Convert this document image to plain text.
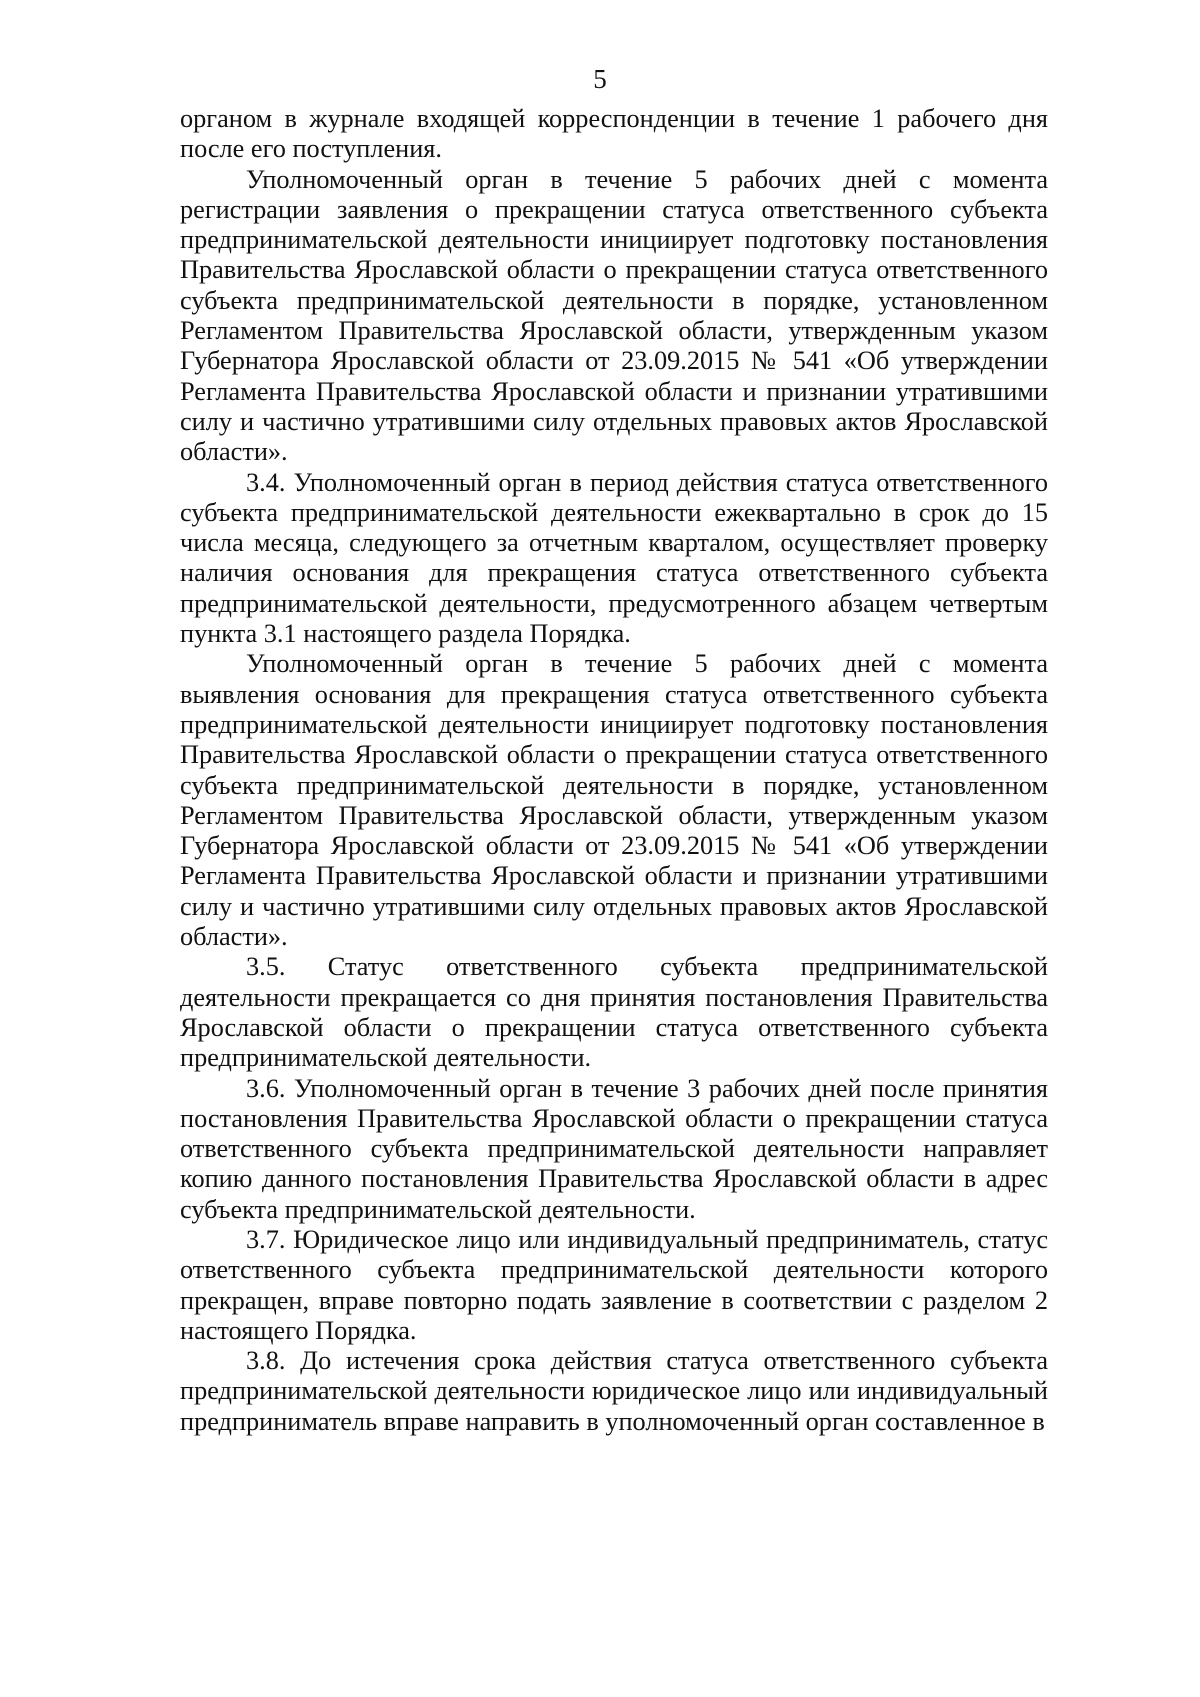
5

органом в журнале входящей корреспонденции в течение 1 рабочего дня после его поступления.

Уполномоченный орган в течение 5 рабочих дней с момента регистрации заявления о прекращении статуса ответственного субъекта предпринимательской деятельности инициирует подготовку постановления Правительства Ярославской области о прекращении статуса ответственного субъекта предпринимательской деятельности в порядке, установленном Регламентом Правительства Ярославской области, утвержденным указом Губернатора Ярославской области от 23.09.2015 № 541 «Об утверждении Регламента Правительства Ярославской области и признании утратившими силу и частично утратившими силу отдельных правовых актов Ярославской области».

3.4. Уполномоченный орган в период действия статуса ответственного субъекта предпринимательской деятельности ежеквартально в срок до 15 числа месяца, следующего за отчетным кварталом, осуществляет проверку наличия основания для прекращения статуса ответственного субъекта предпринимательской деятельности, предусмотренного абзацем четвертым пункта 3.1 настоящего раздела Порядка.

Уполномоченный орган в течение 5 рабочих дней с момента выявления основания для прекращения статуса ответственного субъекта предпринимательской деятельности инициирует подготовку постановления Правительства Ярославской области о прекращении статуса ответственного субъекта предпринимательской деятельности в порядке, установленном Регламентом Правительства Ярославской области, утвержденным указом Губернатора Ярославской области от 23.09.2015 № 541 «Об утверждении Регламента Правительства Ярославской области и признании утратившими силу и частично утратившими силу отдельных правовых актов Ярославской области».

3.5. Статус ответственного субъекта предпринимательской деятельности прекращается со дня принятия постановления Правительства Ярославской области о прекращении статуса ответственного субъекта предпринимательской деятельности.

3.6. Уполномоченный орган в течение 3 рабочих дней после принятия постановления Правительства Ярославской области о прекращении статуса ответственного субъекта предпринимательской деятельности направляет копию данного постановления Правительства Ярославской области в адрес субъекта предпринимательской деятельности.

3.7. Юридическое лицо или индивидуальный предприниматель, статус ответственного субъекта предпринимательской деятельности которого прекращен, вправе повторно подать заявление в соответствии с разделом 2 настоящего Порядка.

3.8. До истечения срока действия статуса ответственного субъекта предпринимательской деятельности юридическое лицо или индивидуальный предприниматель вправе направить в уполномоченный орган составленное в
